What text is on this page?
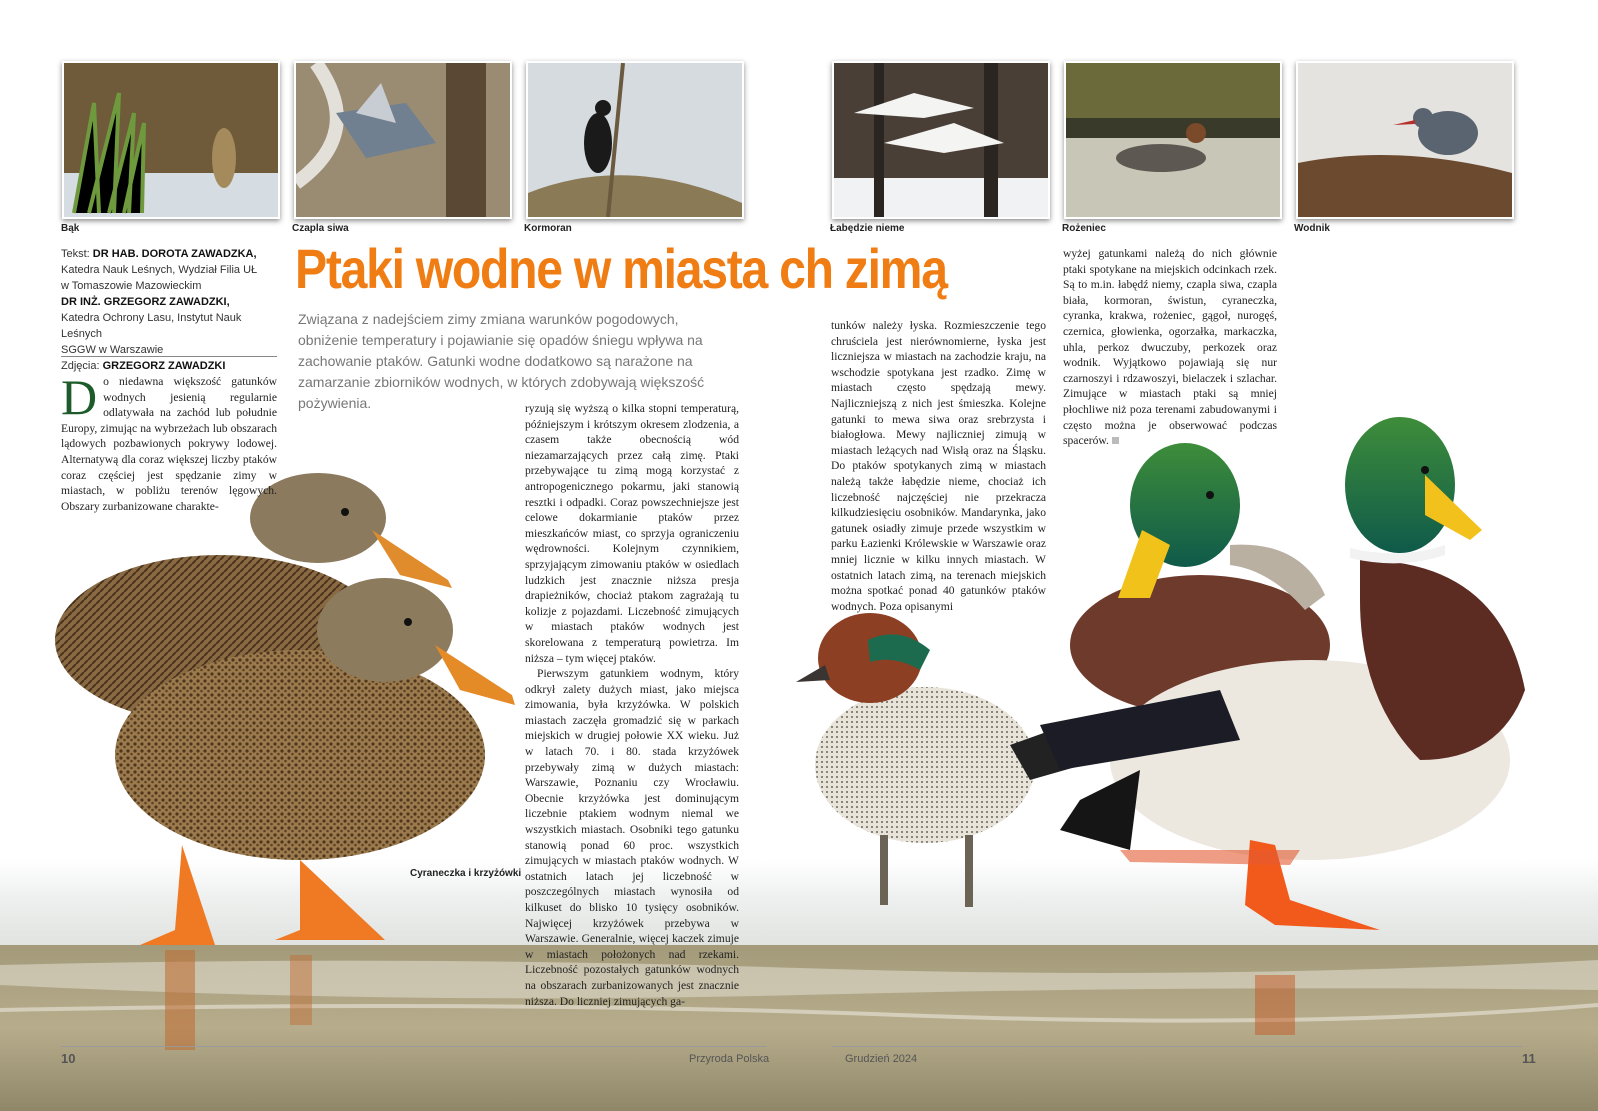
Bąk	Czapla siwa	Kormoran	Łabędzie nieme	Rożeniec	Wodnik
Tekst: DR HAB. DOROTA ZAWADZKA,
Katedra Nauk Leśnych, Wydział Filia UŁ
w Tomaszowie Mazowieckim
DR INŻ. GRZEGORZ ZAWADZKI,
Katedra Ochrony Lasu, Instytut Nauk Leśnych
SGGW w Warszawie
Zdjęcia: GRZEGORZ ZAWADZKI
Ptaki wodne w miasta ch zimą
Związana z nadejściem zimy zmiana warunków pogodowych, obniżenie temperatury i pojawianie się opadów śniegu wpływa na zachowanie ptaków. Gatunki wodne dodatkowo są narażone na zamarzanie zbiorników wodnych, w których zdobywają większość pożywienia.

Do niedawna większość gatunków wodnych jesienią regularnie odlatywała na zachód lub południe Europy, zimując na wybrzeżach lub obszarach lądowych pozbawionych pokrywy lodowej. Alternatywą dla coraz większej liczby ptaków coraz częściej jest spędzanie zimy w miastach, w pobliżu terenów lęgowych. Obszary zurbanizowane charakte-

ryzują się wyższą o kilka stopni temperaturą, późniejszym i krótszym okresem zlodzenia, a czasem także obecnością wód niezamarzających przez całą zimę. Ptaki przebywające tu zimą mogą korzystać z antropogenicznego pokarmu, jaki stanowią resztki i odpadki. Coraz powszechniejsze jest celowe dokarmianie ptaków przez mieszkańców miast, co sprzyja ograniczeniu wędrowności. Kolejnym czynnikiem, sprzyjającym zimowaniu ptaków w osiedlach ludzkich jest znacznie niższa presja drapieżników, chociaż ptakom zagrażają tu kolizje z pojazdami. Liczebność zimujących w miastach ptaków wodnych jest skorelowana z temperaturą powietrza. Im niższa – tym więcej ptaków.

Pierwszym gatunkiem wodnym, który odkrył zalety dużych miast, jako miejsca zimowania, była krzyżówka. W polskich miastach zaczęła gromadzić się w parkach miejskich w drugiej połowie XX wieku. Już w latach 70. i 80. stada krzyżówek przebywały zimą w dużych miastach: Warszawie, Poznaniu czy Wrocławiu. Obecnie krzyżówka jest dominującym liczebnie ptakiem wodnym niemal we wszystkich miastach. Osobniki tego gatunku stanowią ponad 60 proc. wszystkich zimujących w miastach ptaków wodnych. W ostatnich latach jej liczebność w poszczególnych miastach wynosiła od kilkuset do blisko 10 tysięcy osobników. Najwięcej krzyżówek przebywa w Warszawie. Generalnie, więcej kaczek zimuje w miastach położonych nad rzekami. Liczebność pozostałych gatunków wodnych na obszarach zurbanizowanych jest znacznie niższa. Do liczniej zimujących ga-

tunków należy łyska. Rozmieszczenie tego chruściela jest nierównomierne, łyska jest liczniejsza w miastach na zachodzie kraju, na wschodzie spotykana jest rzadko. Zimę w miastach często spędzają mewy. Najliczniejszą z nich jest śmieszka. Kolejne gatunki to mewa siwa oraz srebrzysta i białogłowa. Mewy najliczniej zimują w miastach leżących nad Wisłą oraz na Śląsku. Do ptaków spotykanych zimą w miastach należą także łabędzie nieme, chociaż ich liczebność najczęściej nie przekracza kilkudziesięciu osobników. Mandarynka, jako gatunek osiadły zimuje przede wszystkim w parku Łazienki Królewskie w Warszawie oraz mniej licznie w kilku innych miastach. W ostatnich latach zimą, na terenach miejskich można spotkać ponad 40 gatunków ptaków wodnych. Poza opisanymi

wyżej gatunkami należą do nich głównie ptaki spotykane na miejskich odcinkach rzek. Są to m.in. łabędź niemy, czapla siwa, czapla biała, kormoran, świstun, cyraneczka, cyranka, krakwa, rożeniec, gągoł, nurogęś, czernica, głowienka, ogorzałka, markaczka, uhla, perkoz dwuczuby, perkozek oraz wodnik. Wyjątkowo pojawiają się nur czarnoszyi i rdzawoszyi, bielaczek i szlachar. Zimujące w miastach ptaki są mniej płochliwe niż poza terenami zabudowanymi i często można je obserwować podczas spacerów.

Cyraneczka i krzyżówki
10	Przyroda Polska	Grudzień 2024	11
